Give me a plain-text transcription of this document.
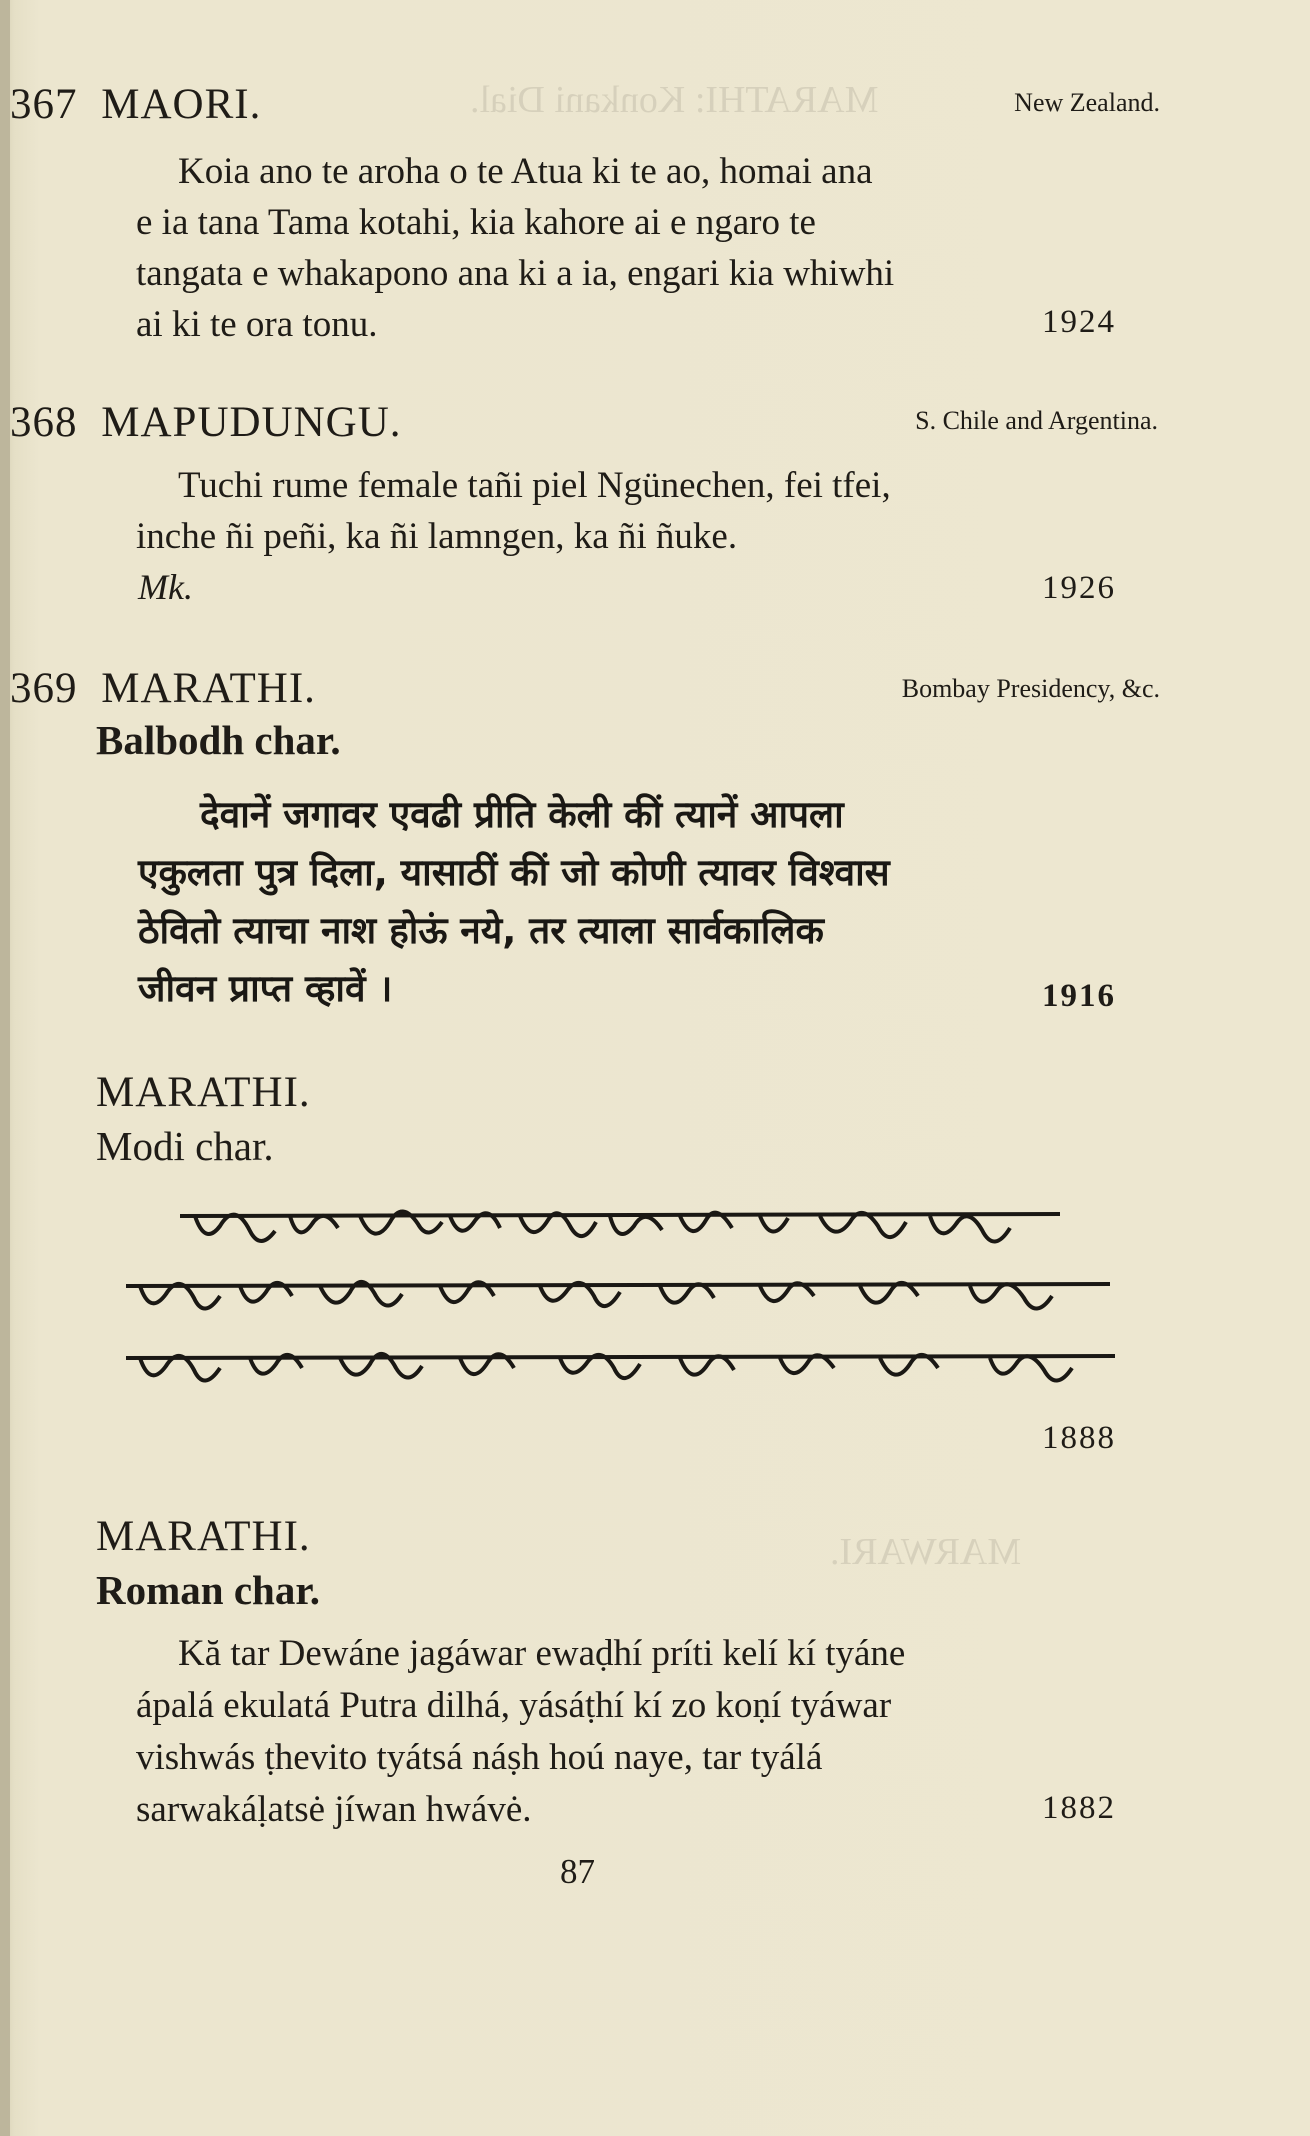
MARATHI: Konkani Dial.
MARWARI.
367 MAORI.	New Zealand.
Koia ano te aroha o te Atua ki te ao, homai ana
e ia tana Tama kotahi, kia kahore ai e ngaro te
tangata e whakapono ana ki a ia, engari kia whiwhi
ai ki te ora tonu.	1924
368 MAPUDUNGU.	S. Chile and Argentina.
Tuchi rume female tañi piel Ngünechen, fei tfei,
inche ñi peñi, ka ñi lamngen, ka ñi ñuke.
Mk.	1926
369 MARATHI.	Bombay Presidency, &c.
Balbodh char.
देवानें जगावर एवढी प्रीति केली कीं त्यानें आपला
एकुलता पुत्र दिला, यासाठीं कीं जो कोणी त्यावर विश्वास
ठेवितो त्याचा नाश होऊं नये, तर त्याला सार्वकालिक
जीवन प्राप्त व्हावें ।	1916
MARATHI.
Modi char.
1888
MARATHI.
Roman char.
Kă tar Dewáne jagáwar ewaḍhí príti kelí kí tyáne
ápalá ekulatá Putra dilhá, yásáṭhí kí zo koṇí tyáwar
vishwás ṭhevito tyátsá náṣh hoú naye, tar tyálá
sarwakáḷatsė jíwan hwávė.	1882
87
